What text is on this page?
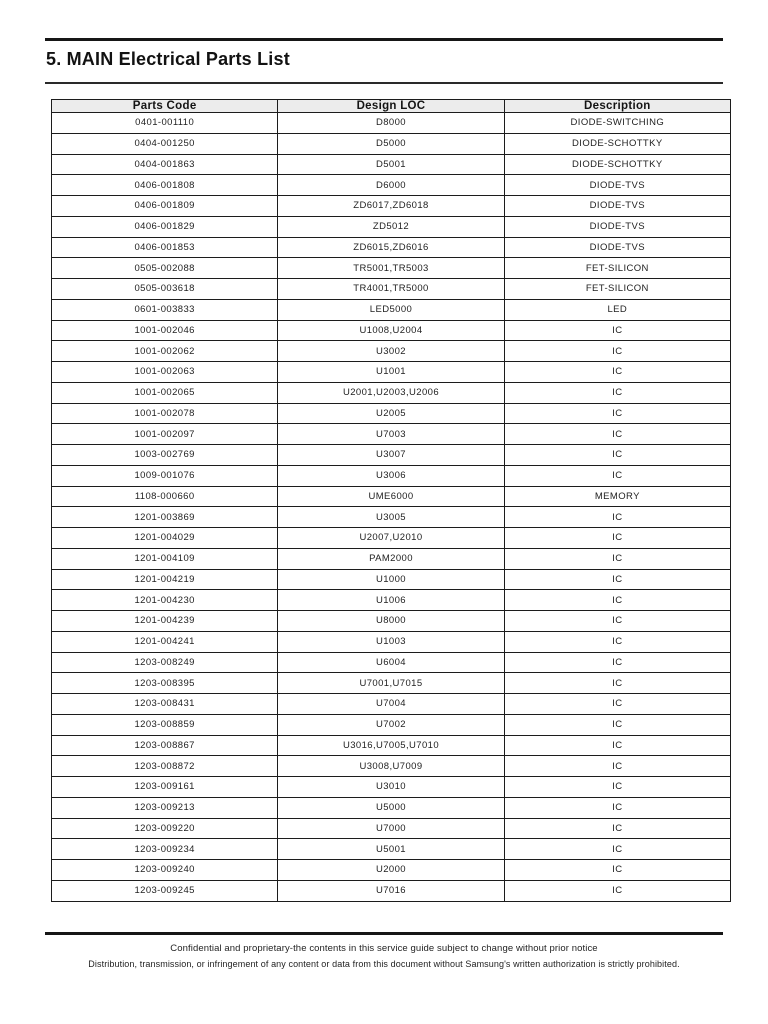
5. MAIN Electrical Parts List
Parts Code	Design LOC	Description
0401-001110	D8000	DIODE-SWITCHING
0404-001250	D5000	DIODE-SCHOTTKY
0404-001863	D5001	DIODE-SCHOTTKY
0406-001808	D6000	DIODE-TVS
0406-001809	ZD6017,ZD6018	DIODE-TVS
0406-001829	ZD5012	DIODE-TVS
0406-001853	ZD6015,ZD6016	DIODE-TVS
0505-002088	TR5001,TR5003	FET-SILICON
0505-003618	TR4001,TR5000	FET-SILICON
0601-003833	LED5000	LED
1001-002046	U1008,U2004	IC
1001-002062	U3002	IC
1001-002063	U1001	IC
1001-002065	U2001,U2003,U2006	IC
1001-002078	U2005	IC
1001-002097	U7003	IC
1003-002769	U3007	IC
1009-001076	U3006	IC
1108-000660	UME6000	MEMORY
1201-003869	U3005	IC
1201-004029	U2007,U2010	IC
1201-004109	PAM2000	IC
1201-004219	U1000	IC
1201-004230	U1006	IC
1201-004239	U8000	IC
1201-004241	U1003	IC
1203-008249	U6004	IC
1203-008395	U7001,U7015	IC
1203-008431	U7004	IC
1203-008859	U7002	IC
1203-008867	U3016,U7005,U7010	IC
1203-008872	U3008,U7009	IC
1203-009161	U3010	IC
1203-009213	U5000	IC
1203-009220	U7000	IC
1203-009234	U5001	IC
1203-009240	U2000	IC
1203-009245	U7016	IC

Confidential and proprietary-the contents in this service guide subject to change without prior notice

Distribution, transmission, or infringement of any content or data from this document without Samsung's written authorization is strictly prohibited.
